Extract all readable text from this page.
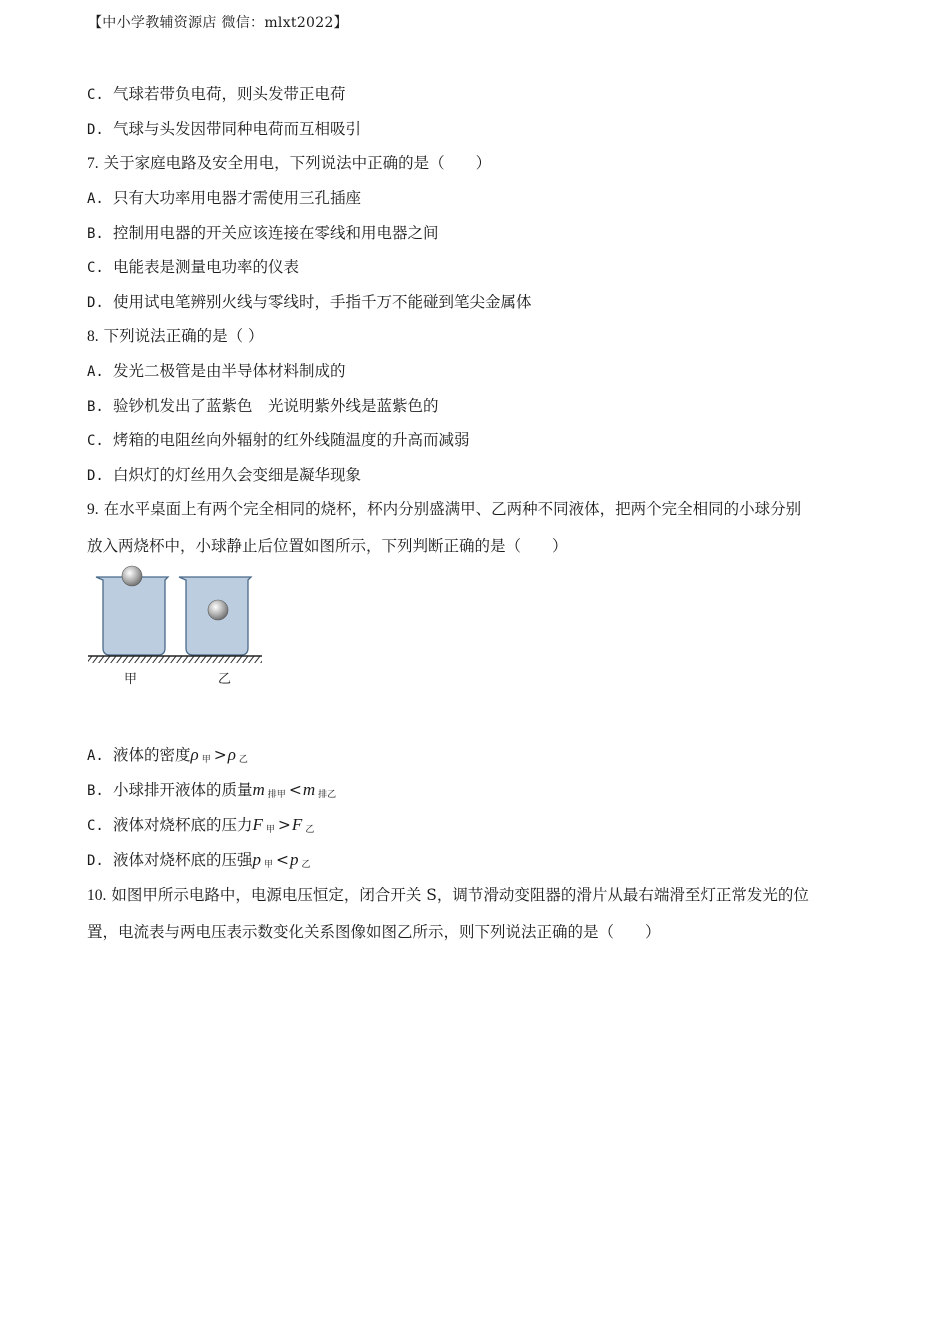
【中小学教辅资源店 微信：mlxt2022】
C. 气球若带负电荷，则头发带正电荷
D. 气球与头发因带同种电荷而互相吸引
7. 关于家庭电路及安全用电，下列说法中正确的是（　　）
A. 只有大功率用电器才需使用三孔插座
B. 控制用电器的开关应该连接在零线和用电器之间
C. 电能表是测量电功率的仪表
D. 使用试电笔辨别火线与零线时，手指千万不能碰到笔尖金属体
8. 下列说法正确的是（ ）
A. 发光二极管是由半导体材料制成的
B. 验钞机发出了蓝紫色　光说明紫外线是蓝紫色的
C. 烤箱的电阻丝向外辐射的红外线随温度的升高而减弱
D. 白炽灯的灯丝用久会变细是凝华现象
9. 在水平桌面上有两个完全相同的烧杯，杯内分别盛满甲、乙两种不同液体，把两个完全相同的小球分别
放入两烧杯中，小球静止后位置如图所示，下列判断正确的是（　　）
甲	乙
A. 液体的密度ρ $_甲$ >ρ $_乙$
B. 小球排开液体的质量m $_{排甲}$ <m $_{排乙}$
C. 液体对烧杯底的压力F $_甲$ >F $_乙$
D. 液体对烧杯底的压强p $_甲$ <p $_乙$
10. 如图甲所示电路中，电源电压恒定，闭合开关 S，调节滑动变阻器的滑片从最右端滑至灯正常发光的位
置，电流表与两电压表示数变化关系图像如图乙所示，则下列说法正确的是（　　）
